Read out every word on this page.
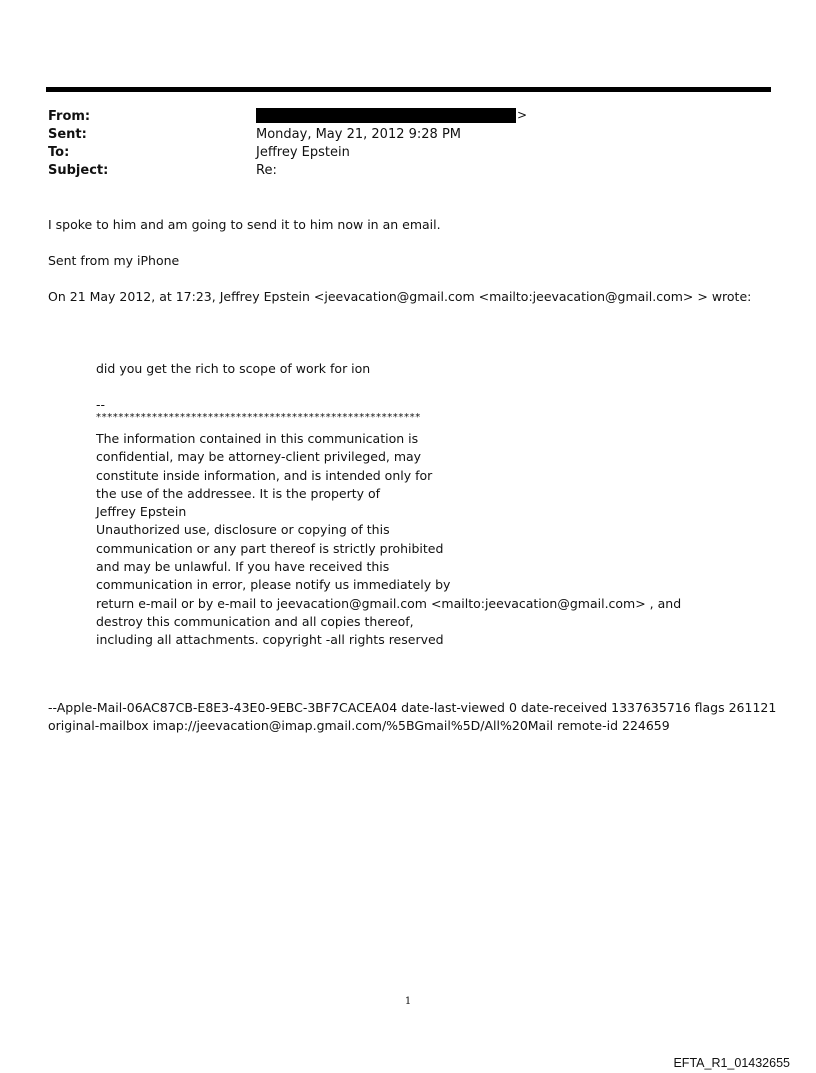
From:	>
Sent:	Monday, May 21, 2012 9:28 PM
To:	Jeffrey Epstein
Subject:	Re:
I spoke to him and am going to send it to him now in an email.
Sent from my iPhone
On 21 May 2012, at 17:23, Jeffrey Epstein <jeevacation@gmail.com <mailto:jeevacation@gmail.com> > wrote:
did you get the rich to scope of work for ion
--
**********************************************************
The information contained in this communication is
confidential, may be attorney-client privileged, may
constitute inside information, and is intended only for
the use of the addressee. It is the property of
Jeffrey Epstein
Unauthorized use, disclosure or copying of this
communication or any part thereof is strictly prohibited
and may be unlawful. If you have received this
communication in error, please notify us immediately by
return e-mail or by e-mail to jeevacation@gmail.com <mailto:jeevacation@gmail.com> , and
destroy this communication and all copies thereof,
including all attachments. copyright -all rights reserved
--Apple-Mail-06AC87CB-E8E3-43E0-9EBC-3BF7CACEA04 date-last-viewed 0 date-received 1337635716 flags 261121
original-mailbox imap://jeevacation@imap.gmail.com/%5BGmail%5D/All%20Mail remote-id 224659
1
EFTA_R1_01432655
